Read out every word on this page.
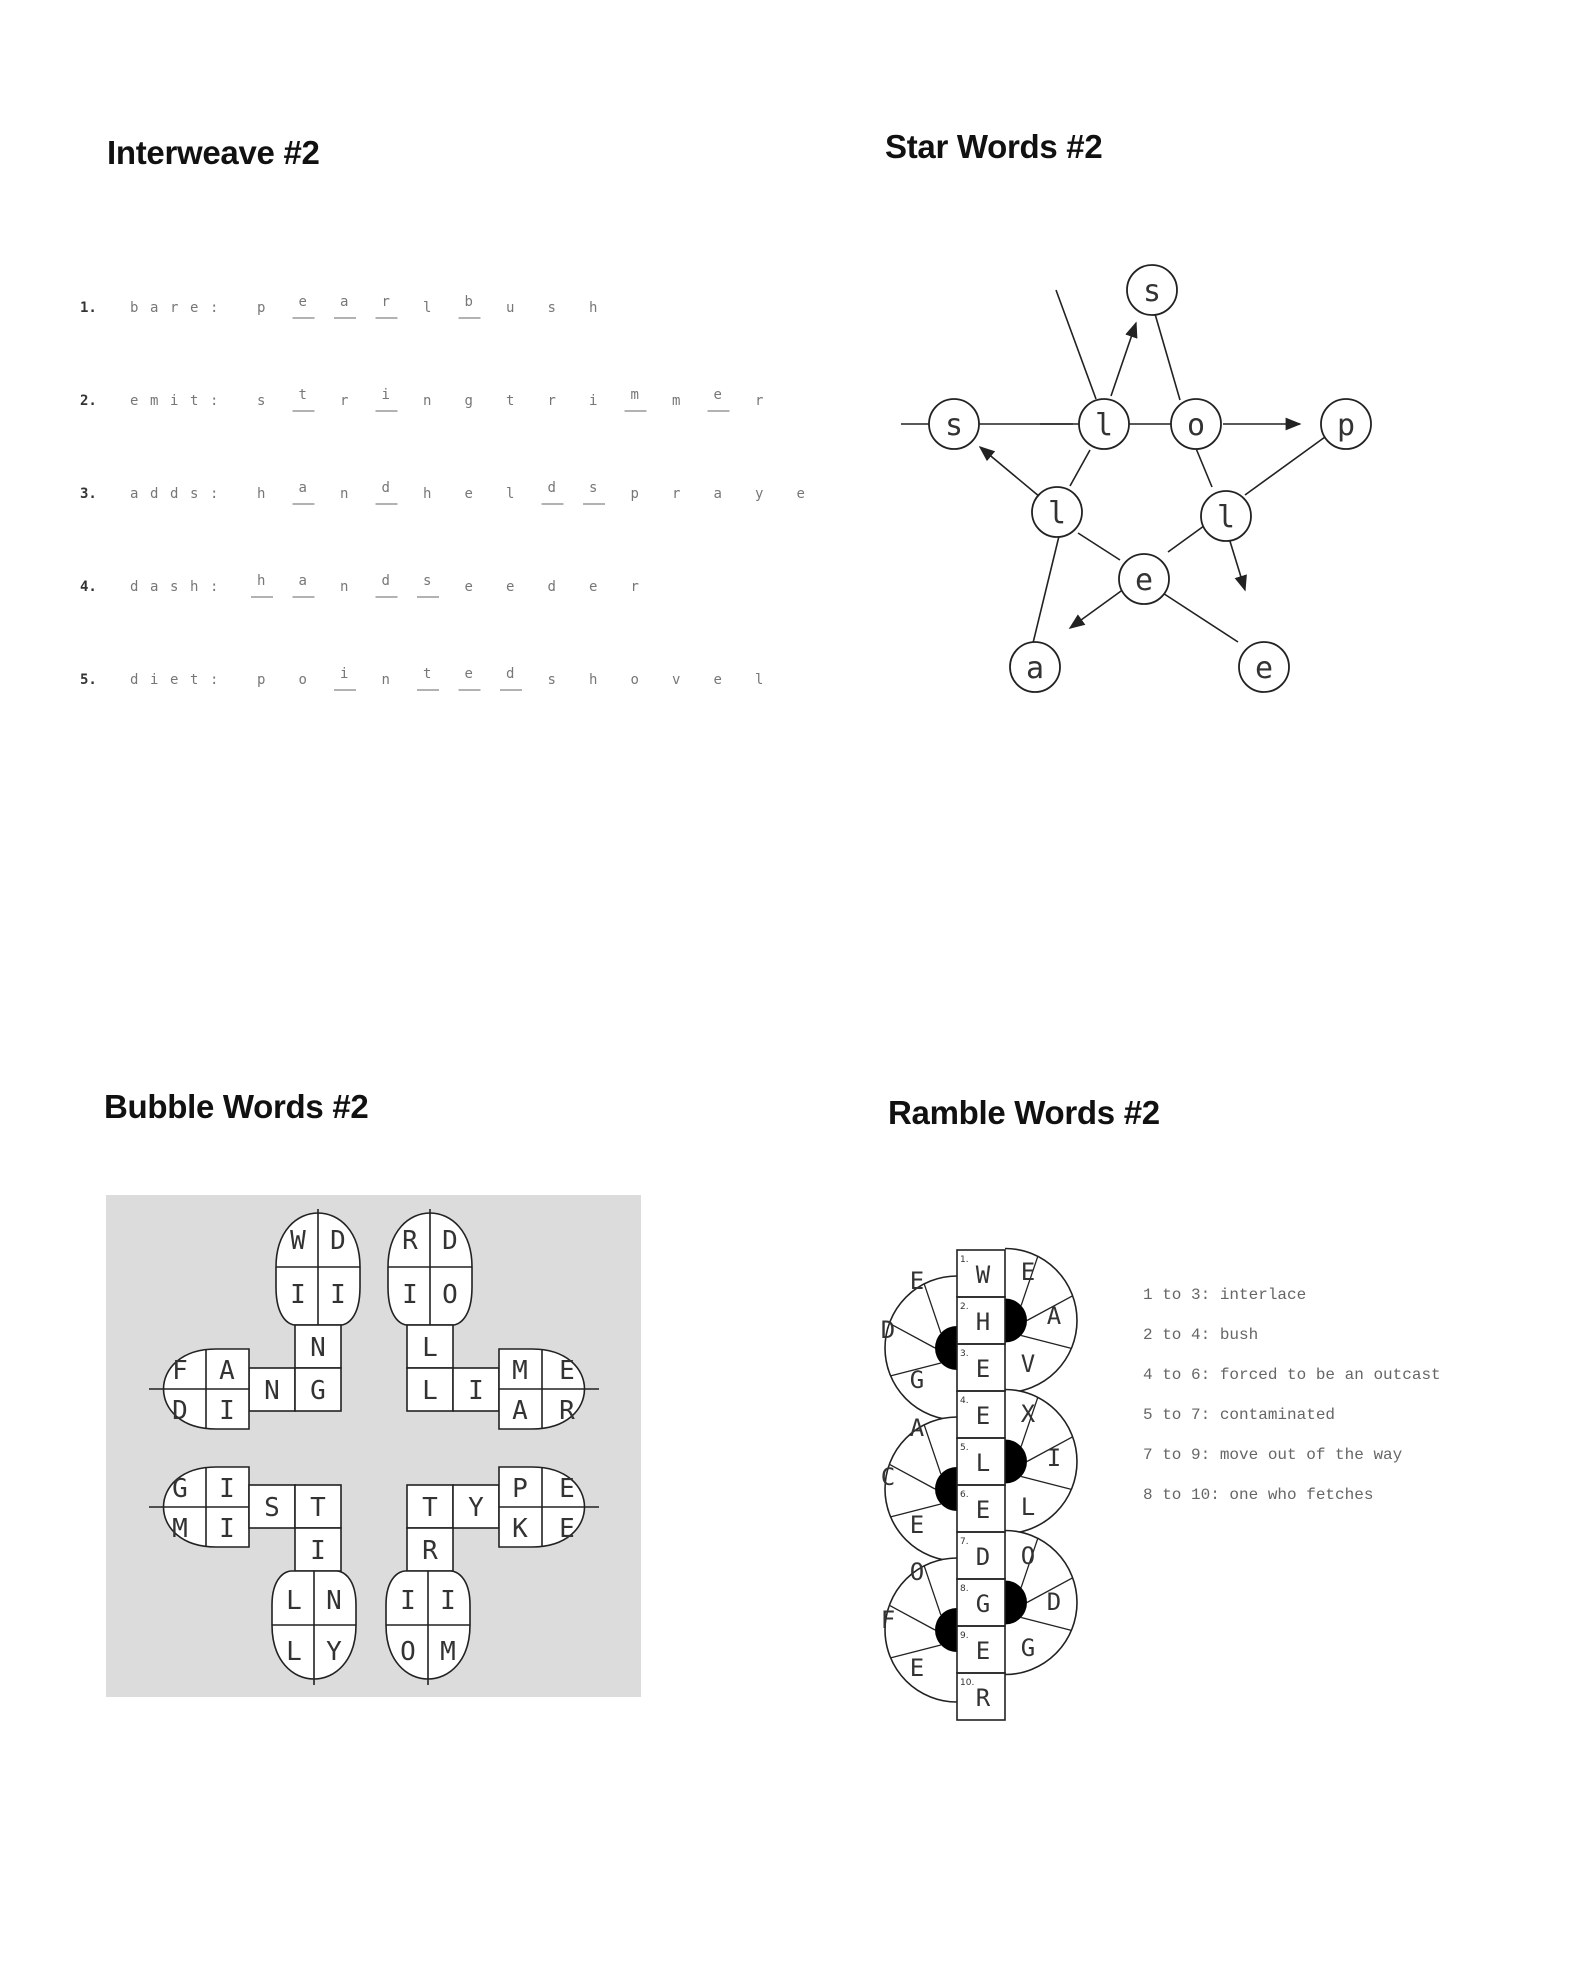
Interweave #2
1. b a r e :	p e a r l b u s h
2. e m i t :	s t r i n g t r i m m e r
3. a d d s :	h a n d h e l d s p r a y e
4. d a s h :	h a n d s e e d e r
5. d i e t :	p o i n t e d s h o v e l
Star Words #2
s
s	l o	p
l	l
e
a	e
Bubble Words #2
W D
I I
N
N G
F A
D I
R D
I O
L
L I
M E
A R
G I
M I
S T
I
L N
L Y
P E
K E
T Y
R
I I
O M
Ramble Words #2
1.
W
2.
H
3.
E
4.
E
5.
L
6.
E
7.
D
8.
G
9.
E
10.
R
E
D
G
A
C
E
O
F
E
E
A
V
X
I
L
O
D
G
1 to 3: interlace
2 to 4: bush
4 to 6: forced to be an outcast
5 to 7: contaminated
7 to 9: move out of the way
8 to 10: one who fetches
